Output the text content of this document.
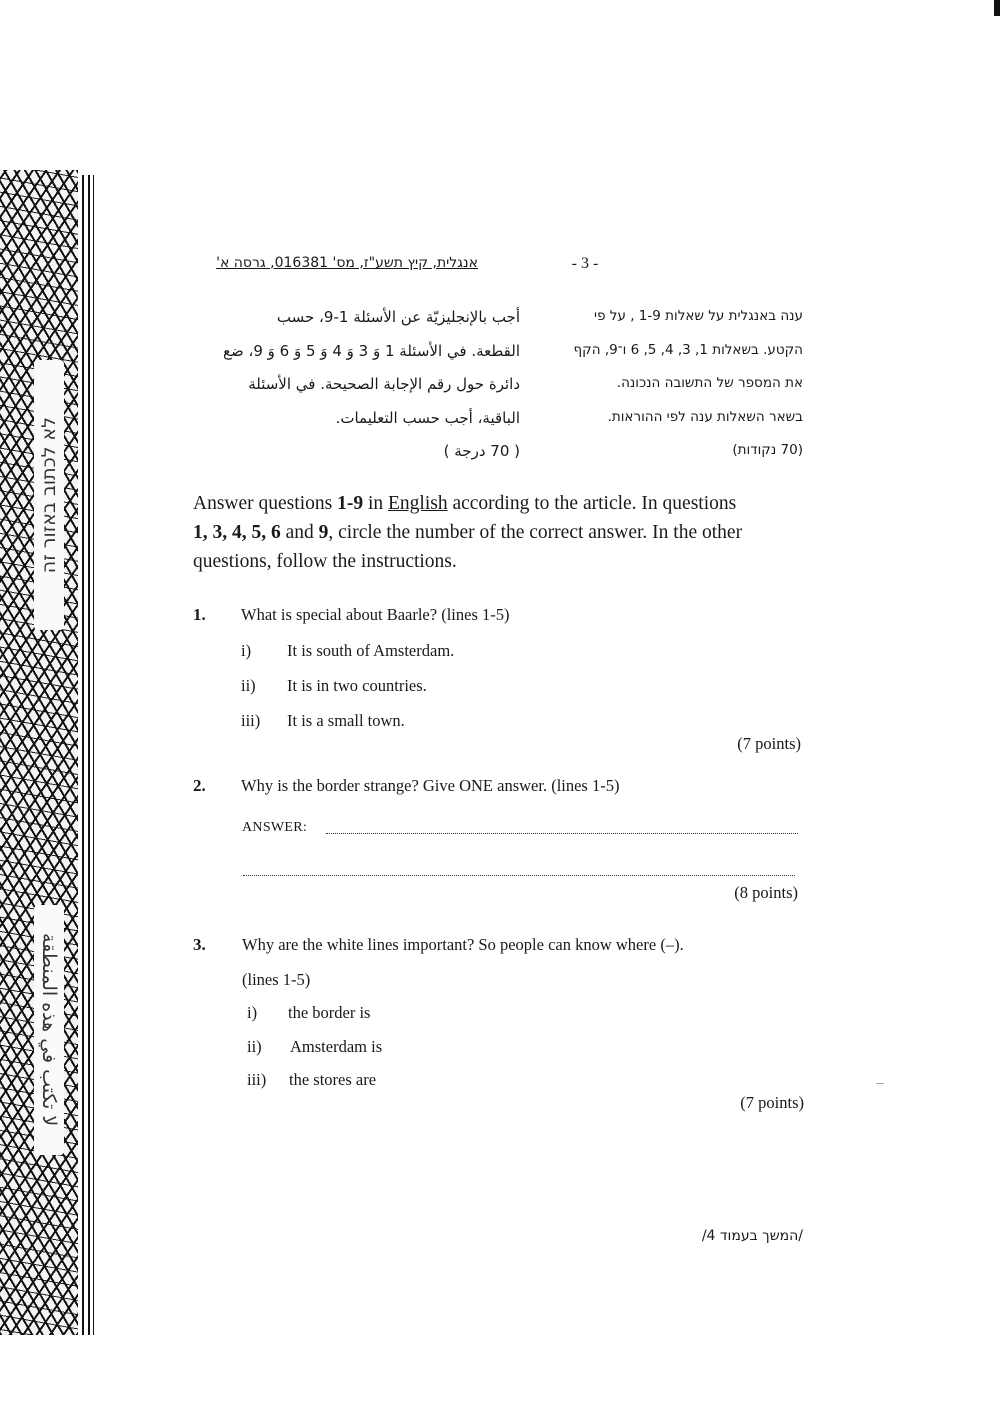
לא לכתוב באזור זה
لا تكتب في هذه المنطقة
אנגלית, קיץ תשע"ז, מס' 016381, גרסה א'	- 3 -

أجب بالإنجليزيّة عن الأسئلة 1-9، حسب

القطعة. في الأسئلة 1 وَ 3 وَ 4 وَ 5 وَ 6 وَ 9، ضع

دائرة حول رقم الإجابة الصحيحة. في الأسئلة

الباقية، أجب حسب التعليمات.

( 70 درجة )

ענה באנגלית על שאלות 1-9 , על פי

הקטע. בשאלות 1, 3, 4, 5, 6 ו־9, הקף

את המספר של התשובה הנכונה.

בשאר השאלות ענה לפי ההוראות.

(70 נקודות)

Answer questions 1-9 in English according to the article. In questions
1, 3, 4, 5, 6 and 9, circle the number of the correct answer. In the other
questions, follow the instructions.

1. What is special about Baarle? (lines 1-5)
i) It is south of Amsterdam.
ii) It is in two countries.
iii) It is a small town.
(7 points)
2. Why is the border strange? Give ONE answer. (lines 1-5)
ANSWER:
(8 points)
3. Why are the white lines important? So people can know where (–).
(lines 1-5)
i) the border is
ii) Amsterdam is
iii) the stores are
(7 points)
/המשך בעמוד 4/
